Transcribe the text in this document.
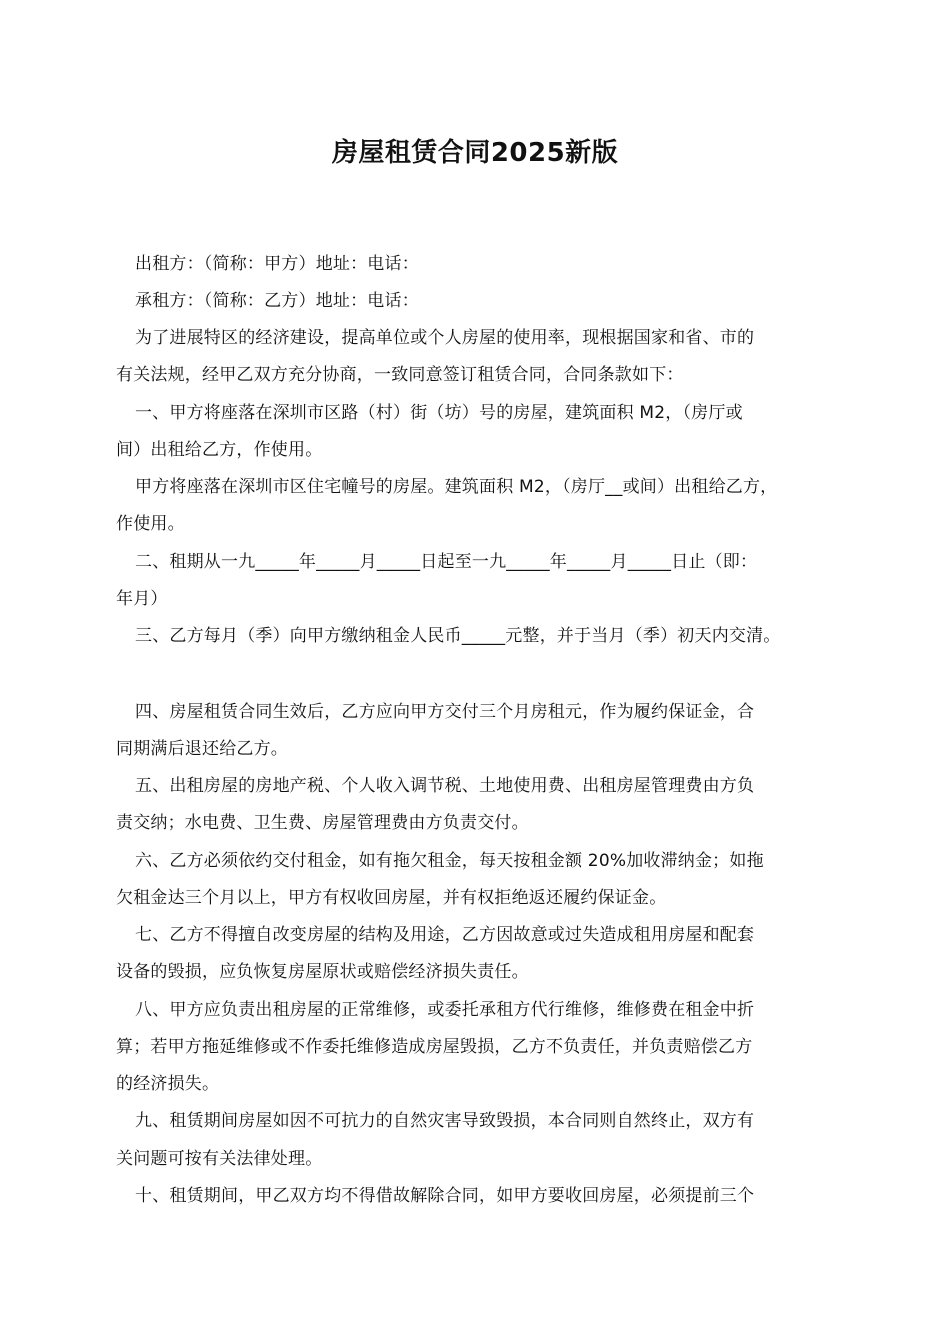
房屋租赁合同2025新版
出租方：（简称：甲方）地址：电话：
承租方：（简称：乙方）地址：电话：
为了进展特区的经济建设，提高单位或个人房屋的使用率，现根据国家和省、市的
有关法规，经甲乙双方充分协商，一致同意签订租赁合同，合同条款如下：
一、甲方将座落在深圳市区路（村）街（坊）号的房屋，建筑面积 M2，（房厅或
间）出租给乙方，作使用。
甲方将座落在深圳市区住宅幢号的房屋。建筑面积 M2，（房厅__或间）出租给乙方，
作使用。
二、租期从一九_____年_____月_____日起至一九_____年_____月_____日止（即：
年月）
三、乙方每月（季）向甲方缴纳租金人民币_____元整，并于当月（季）初天内交清。
四、房屋租赁合同生效后，乙方应向甲方交付三个月房租元，作为履约保证金，合
同期满后退还给乙方。
五、出租房屋的房地产税、个人收入调节税、土地使用费、出租房屋管理费由方负
责交纳；水电费、卫生费、房屋管理费由方负责交付。
六、乙方必须依约交付租金，如有拖欠租金，每天按租金额 20%加收滞纳金；如拖
欠租金达三个月以上，甲方有权收回房屋，并有权拒绝返还履约保证金。
七、乙方不得擅自改变房屋的结构及用途，乙方因故意或过失造成租用房屋和配套
设备的毁损，应负恢复房屋原状或赔偿经济损失责任。
八、甲方应负责出租房屋的正常维修，或委托承租方代行维修，维修费在租金中折
算；若甲方拖延维修或不作委托维修造成房屋毁损，乙方不负责任，并负责赔偿乙方
的经济损失。
九、租赁期间房屋如因不可抗力的自然灾害导致毁损，本合同则自然终止，双方有
关问题可按有关法律处理。
十、租赁期间，甲乙双方均不得借故解除合同，如甲方要收回房屋，必须提前三个
